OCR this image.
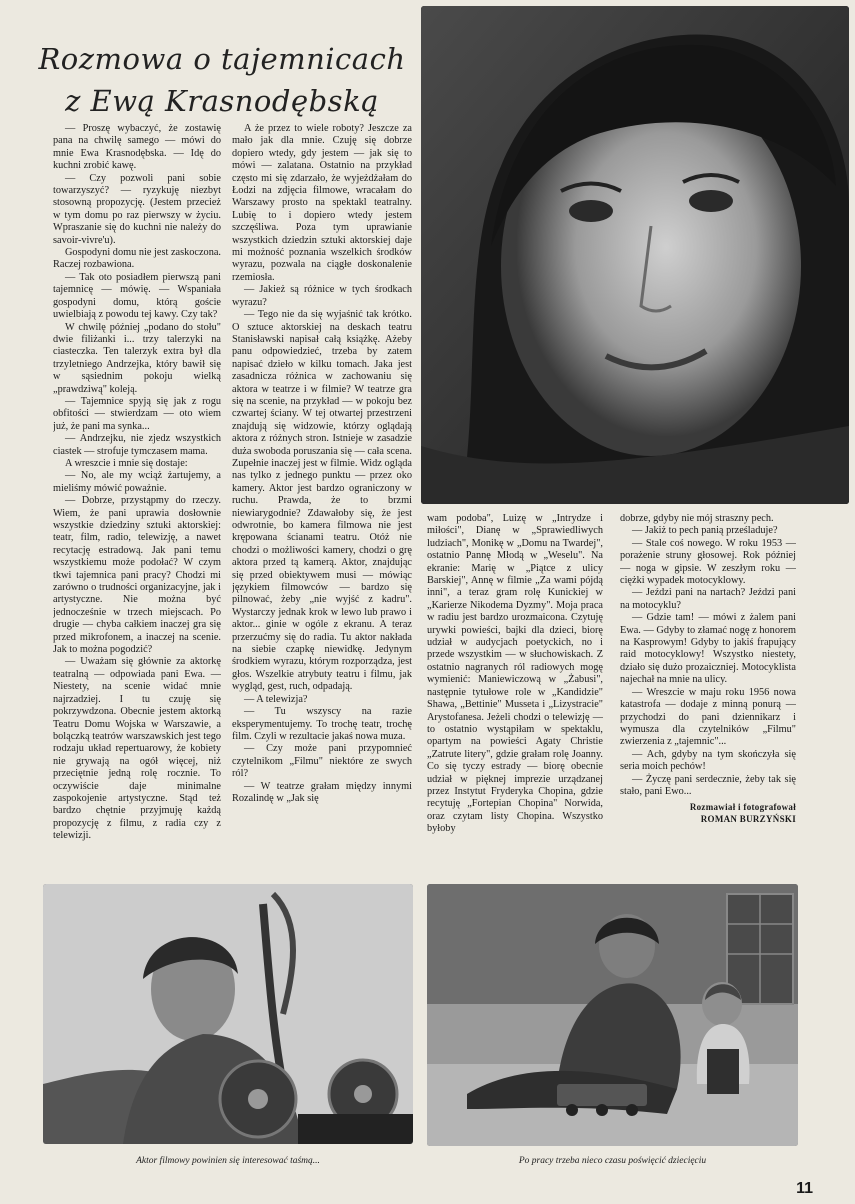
Rozmowa o tajemnicach
z Ewą Krasnodębską

— Proszę wybaczyć, że zostawię pana na chwilę samego — mówi do mnie Ewa Krasnodębska. — Idę do kuchni zrobić kawę.

— Czy pozwoli pani sobie towarzyszyć? — ryzykuję niezbyt stosowną propozycję. (Jestem przecież w tym domu po raz pierwszy w życiu. Wpraszanie się do kuchni nie należy do savoir-vivre'u).

Gospodyni domu nie jest zaskoczona. Raczej rozbawiona.

— Tak oto posiadłem pierwszą pani tajemnicę — mówię. — Wspaniała gospodyni domu, którą goście uwielbiają z powodu tej kawy. Czy tak?

W chwilę później „podano do stołu" dwie filiżanki i... trzy talerzyki na ciasteczka. Ten talerzyk extra był dla trzyletniego Andrzejka, który bawił się w sąsiednim pokoju wielką „prawdziwą" koleją.

— Tajemnice spyją się jak z rogu obfitości — stwierdzam — oto wiem już, że pani ma synka...

— Andrzejku, nie zjedz wszystkich ciastek — strofuje tymczasem mama.

A wreszcie i mnie się dostaje:

— No, ale my wciąż żartujemy, a mieliśmy mówić poważnie.

— Dobrze, przystąpmy do rzeczy. Wiem, że pani uprawia dosłownie wszystkie dziedziny sztuki aktorskiej: teatr, film, radio, telewizję, a nawet recytację estradową. Jak pani temu wszystkiemu może podołać? W czym tkwi tajemnica pani pracy? Chodzi mi zarówno o trudności organizacyjne, jak i artystyczne. Nie można być jednocześnie w trzech miejscach. Po drugie — chyba całkiem inaczej gra się przed mikrofonem, a inaczej na scenie. Jak to można pogodzić?

— Uważam się głównie za aktorkę teatralną — odpowiada pani Ewa. — Niestety, na scenie widać mnie najrzadziej. I tu czuję się pokrzywdzona. Obecnie jestem aktorką Teatru Domu Wojska w Warszawie, a bolączką teatrów warszawskich jest tego rodzaju układ repertuarowy, że kobiety nie grywają na ogół więcej, niż przeciętnie jedną rolę rocznie. To oczywiście daje minimalne zaspokojenie artystyczne. Stąd też bardzo chętnie przyjmuję każdą propozycję z filmu, z radia czy z telewizji.

A że przez to wiele roboty? Jeszcze za mało jak dla mnie. Czuję się dobrze dopiero wtedy, gdy jestem — jak się to mówi — zalatana. Ostatnio na przykład często mi się zdarzało, że wyjeżdżałam do Łodzi na zdjęcia filmowe, wracałam do Warszawy prosto na spektakl teatralny. Lubię to i dopiero wtedy jestem szczęśliwa. Poza tym uprawianie wszystkich dziedzin sztuki aktorskiej daje mi możność poznania wszelkich środków wyrazu, pozwala na ciągłe doskonalenie rzemiosła.

— Jakież są różnice w tych środkach wyrazu?

— Tego nie da się wyjaśnić tak krótko. O sztuce aktorskiej na deskach teatru Stanisławski napisał całą książkę. Ażeby panu odpowiedzieć, trzeba by zatem napisać dzieło w kilku tomach. Jaka jest zasadnicza różnica w zachowaniu się aktora w teatrze i w filmie? W teatrze gra się na scenie, na przykład — w pokoju bez czwartej ściany. W tej otwartej przestrzeni znajdują się widzowie, którzy oglądają aktora z różnych stron. Istnieje w zasadzie duża swoboda poruszania się — cała scena. Zupełnie inaczej jest w filmie. Widz ogląda nas tylko z jednego punktu — przez oko kamery. Aktor jest bardzo ograniczony w ruchu. Prawda, że to brzmi niewiarygodnie? Zdawałoby się, że jest odwrotnie, bo kamera filmowa nie jest krępowana ścianami teatru. Otóż nie chodzi o możliwości kamery, chodzi o grę aktora przed tą kamerą. Aktor, znajdując się przed obiektywem musi — mówiąc językiem filmowców — bardzo się pilnować, żeby „nie wyjść z kadru". Wystarczy jednak krok w lewo lub prawo i aktor... ginie w ogóle z ekranu. A teraz przerzućmy się do radia. Tu aktor nakłada na siebie czapkę niewidkę. Jedynym środkiem wyrazu, którym rozporządza, jest głos. Wszelkie atrybuty teatru i filmu, jak wygląd, gest, ruch, odpadają.

— A telewizja?

— Tu wszyscy na razie eksperymentujemy. To trochę teatr, trochę film. Czyli w rezultacie jakaś nowa muza.

— Czy może pani przypomnieć czytelnikom „Filmu" niektóre ze swych ról?

— W teatrze grałam między innymi Rozalindę w „Jak się

wam podoba", Luizę w „Intrydze i miłości", Dianę w „Sprawiedliwych ludziach", Monikę w „Domu na Twardej", ostatnio Pannę Młodą w „Weselu". Na ekranie: Marię w „Piątce z ulicy Barskiej", Annę w filmie „Za wami pójdą inni", a teraz gram rolę Kunickiej w „Karierze Nikodema Dyzmy". Moja praca w radiu jest bardzo urozmaicona. Czytuję urywki powieści, bajki dla dzieci, biorę udział w audycjach poetyckich, no i przede wszystkim — w słuchowiskach. Z ostatnio nagranych ról radiowych mogę wymienić: Maniewiczową w „Żabusi", następnie tytułowe role w „Kandidzie" Shawa, „Bettinie" Musseta i „Lizystracie" Arystofanesa. Jeżeli chodzi o telewizję — to ostatnio wystąpiłam w spektaklu, opartym na powieści Agaty Christie „Zatrute litery", gdzie grałam rolę Joanny. Co się tyczy estrady — biorę obecnie udział w pięknej imprezie urządzanej przez Instytut Fryderyka Chopina, gdzie recytuję „Fortepian Chopina" Norwida, oraz czytam listy Chopina. Wszystko byłoby

dobrze, gdyby nie mój straszny pech.

— Jakiż to pech panią prześladuje?

— Stale coś nowego. W roku 1953 — porażenie struny głosowej. Rok później — noga w gipsie. W zeszłym roku — ciężki wypadek motocyklowy.

— Jeździ pani na nartach? Jeździ pani na motocyklu?

— Gdzie tam! — mówi z żalem pani Ewa. — Gdyby to złamać nogę z honorem na Kasprowym! Gdyby to jakiś frapujący raid motocyklowy! Wszystko niestety, działo się dużo prozaiczniej. Motocyklista najechał na mnie na ulicy.

— Wreszcie w maju roku 1956 nowa katastrofa — dodaje z minną ponurą — przychodzi do pani dziennikarz i wymusza dla czytelników „Filmu" zwierzenia z „tajemnic"...

— Ach, gdyby na tym skończyła się seria moich pechów!

— Życzę pani serdecznie, żeby tak się stało, pani Ewo...

Rozmawiał i fotografował

ROMAN BURZYŃSKI

Aktor filmowy powinien się interesować taśmą...	Po pracy trzeba nieco czasu poświęcić dziecięciu
11
